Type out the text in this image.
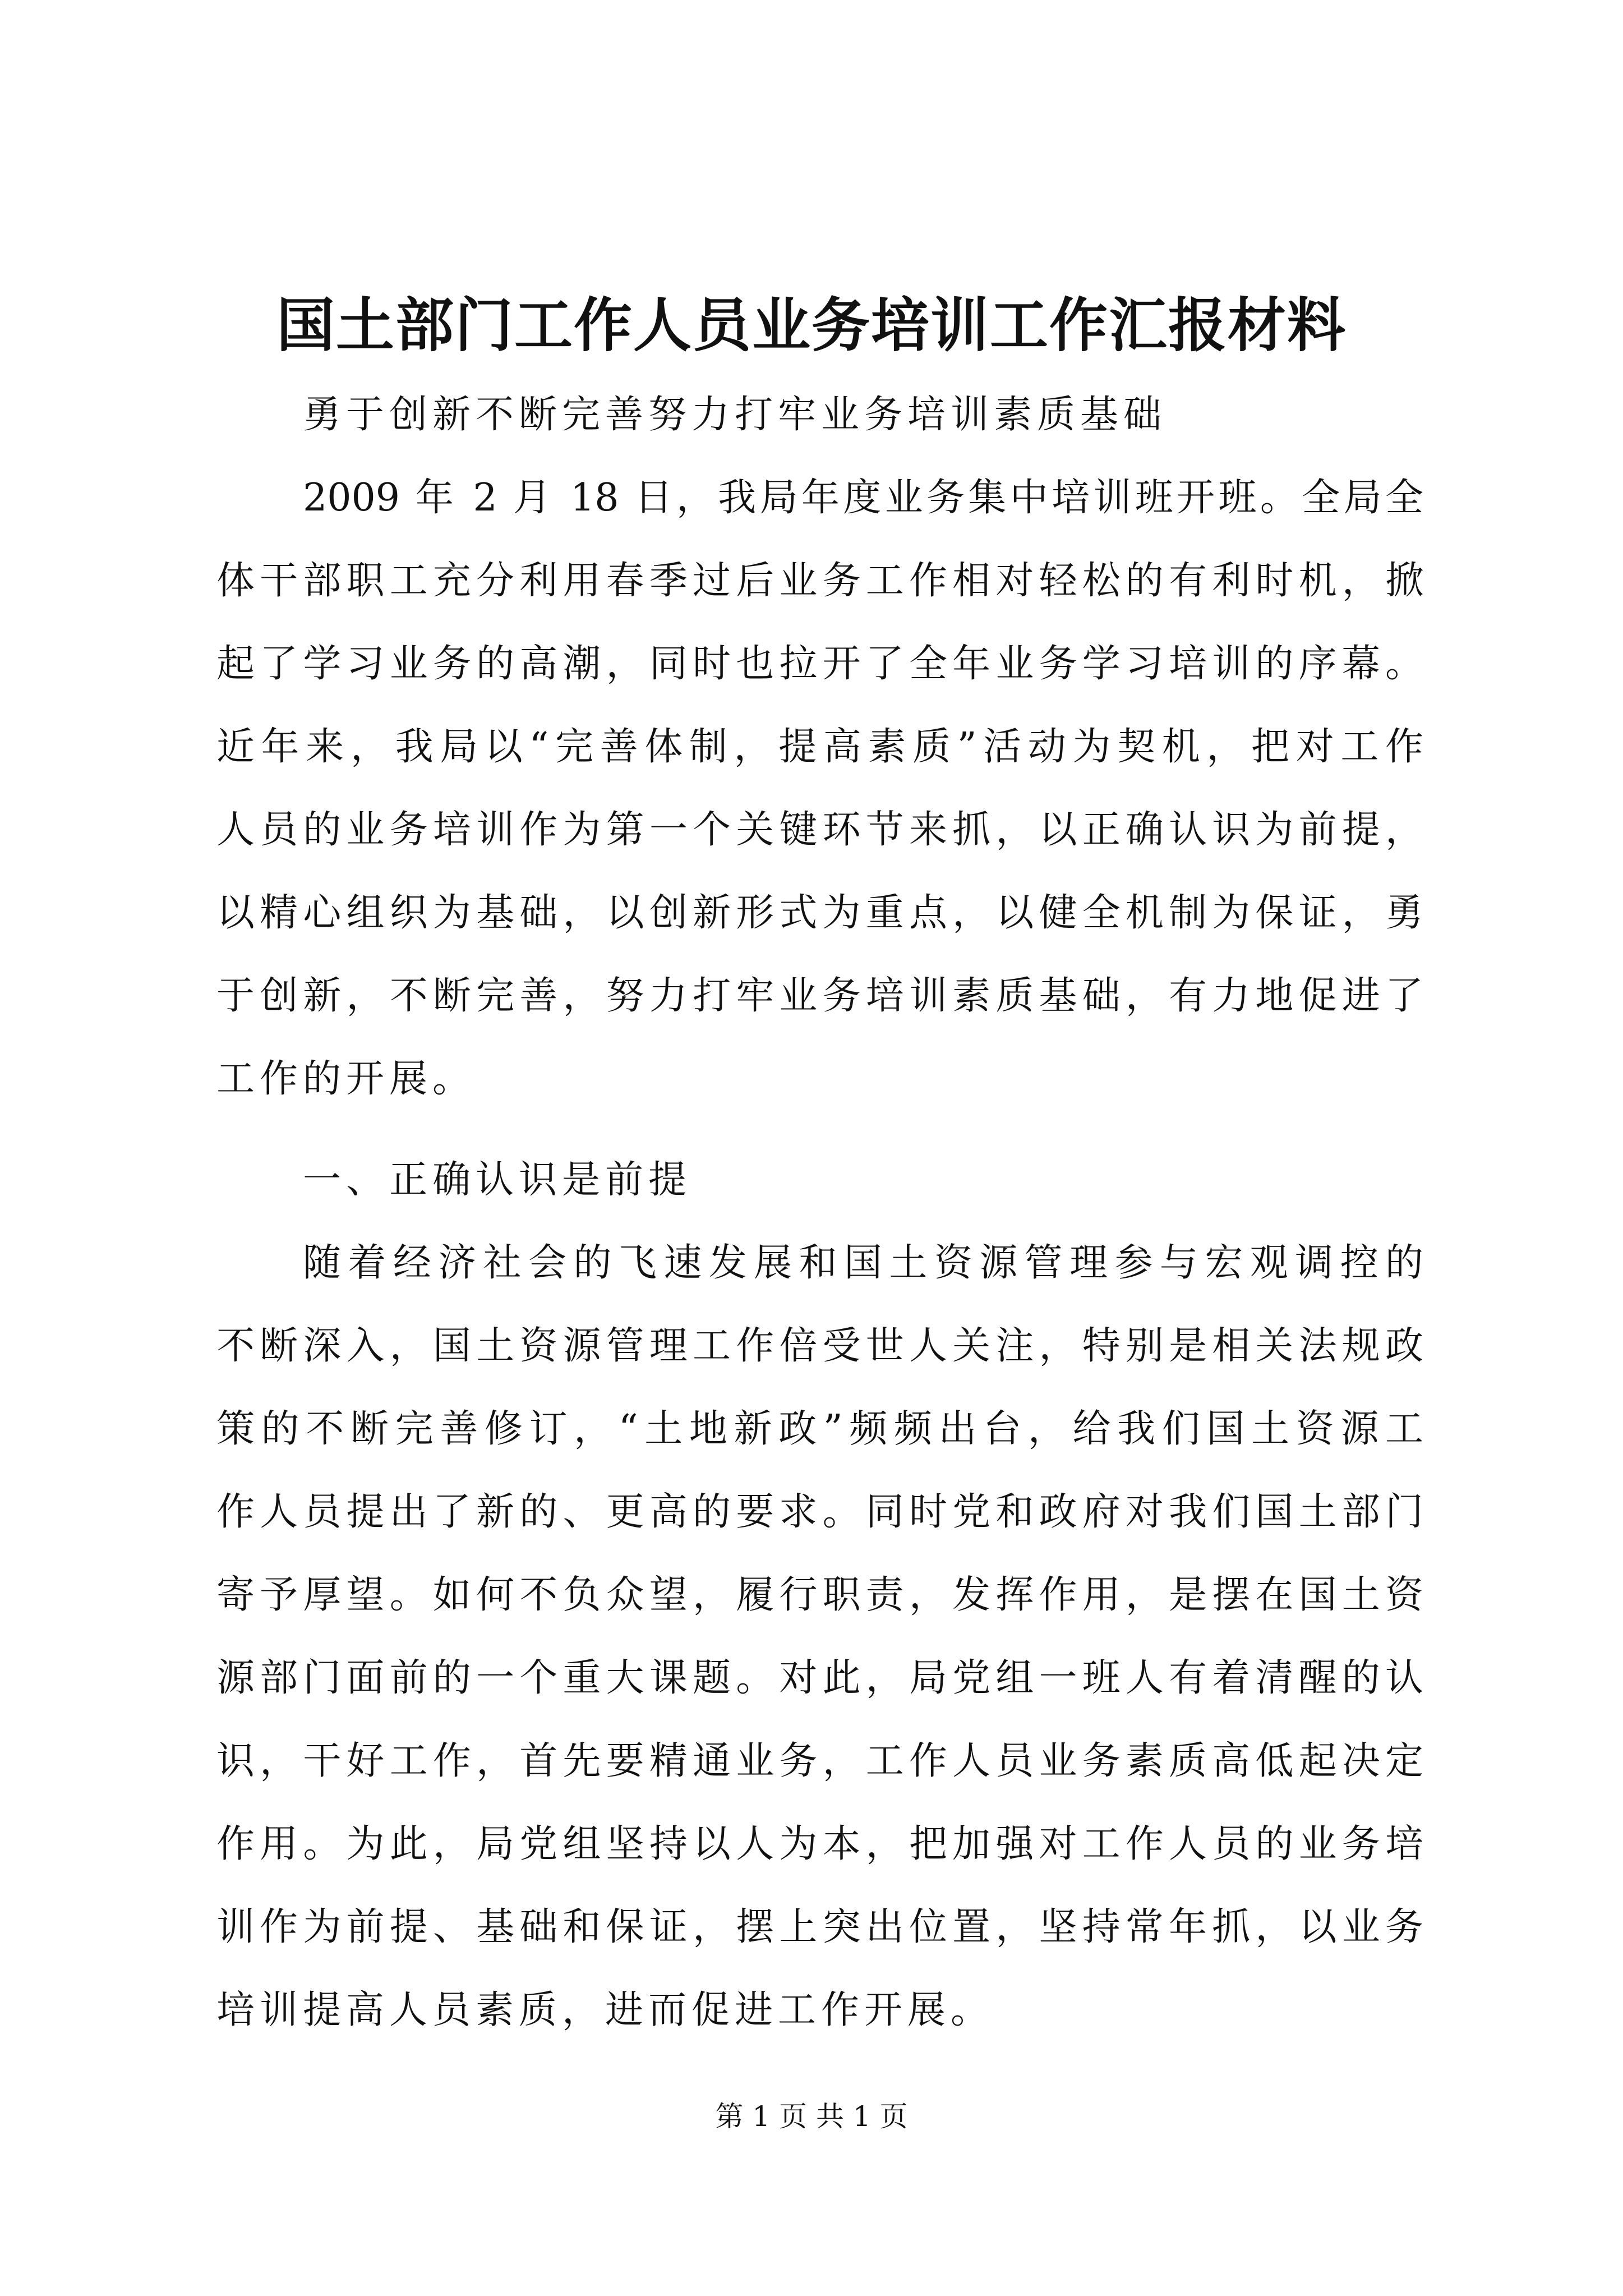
国土部门工作人员业务培训工作汇报材料
勇于创新不断完善努力打牢业务培训素质基础
2009 年 2 月 18 日，我局年度业务集中培训班开班。全局全
体干部职工充分利用春季过后业务工作相对轻松的有利时机，掀
起了学习业务的高潮，同时也拉开了全年业务学习培训的序幕。
近年来，我局以“完善体制，提高素质”活动为契机，把对工作
人员的业务培训作为第一个关键环节来抓，以正确认识为前提，
以精心组织为基础，以创新形式为重点，以健全机制为保证，勇
于创新，不断完善，努力打牢业务培训素质基础，有力地促进了
工作的开展。
一、正确认识是前提
随着经济社会的飞速发展和国土资源管理参与宏观调控的
不断深入，国土资源管理工作倍受世人关注，特别是相关法规政
策的不断完善修订，“土地新政”频频出台，给我们国土资源工
作人员提出了新的、更高的要求。同时党和政府对我们国土部门
寄予厚望。如何不负众望，履行职责，发挥作用，是摆在国土资
源部门面前的一个重大课题。对此，局党组一班人有着清醒的认
识，干好工作，首先要精通业务，工作人员业务素质高低起决定
作用。为此，局党组坚持以人为本，把加强对工作人员的业务培
训作为前提、基础和保证，摆上突出位置，坚持常年抓，以业务
培训提高人员素质，进而促进工作开展。
第 1 页 共 1 页
